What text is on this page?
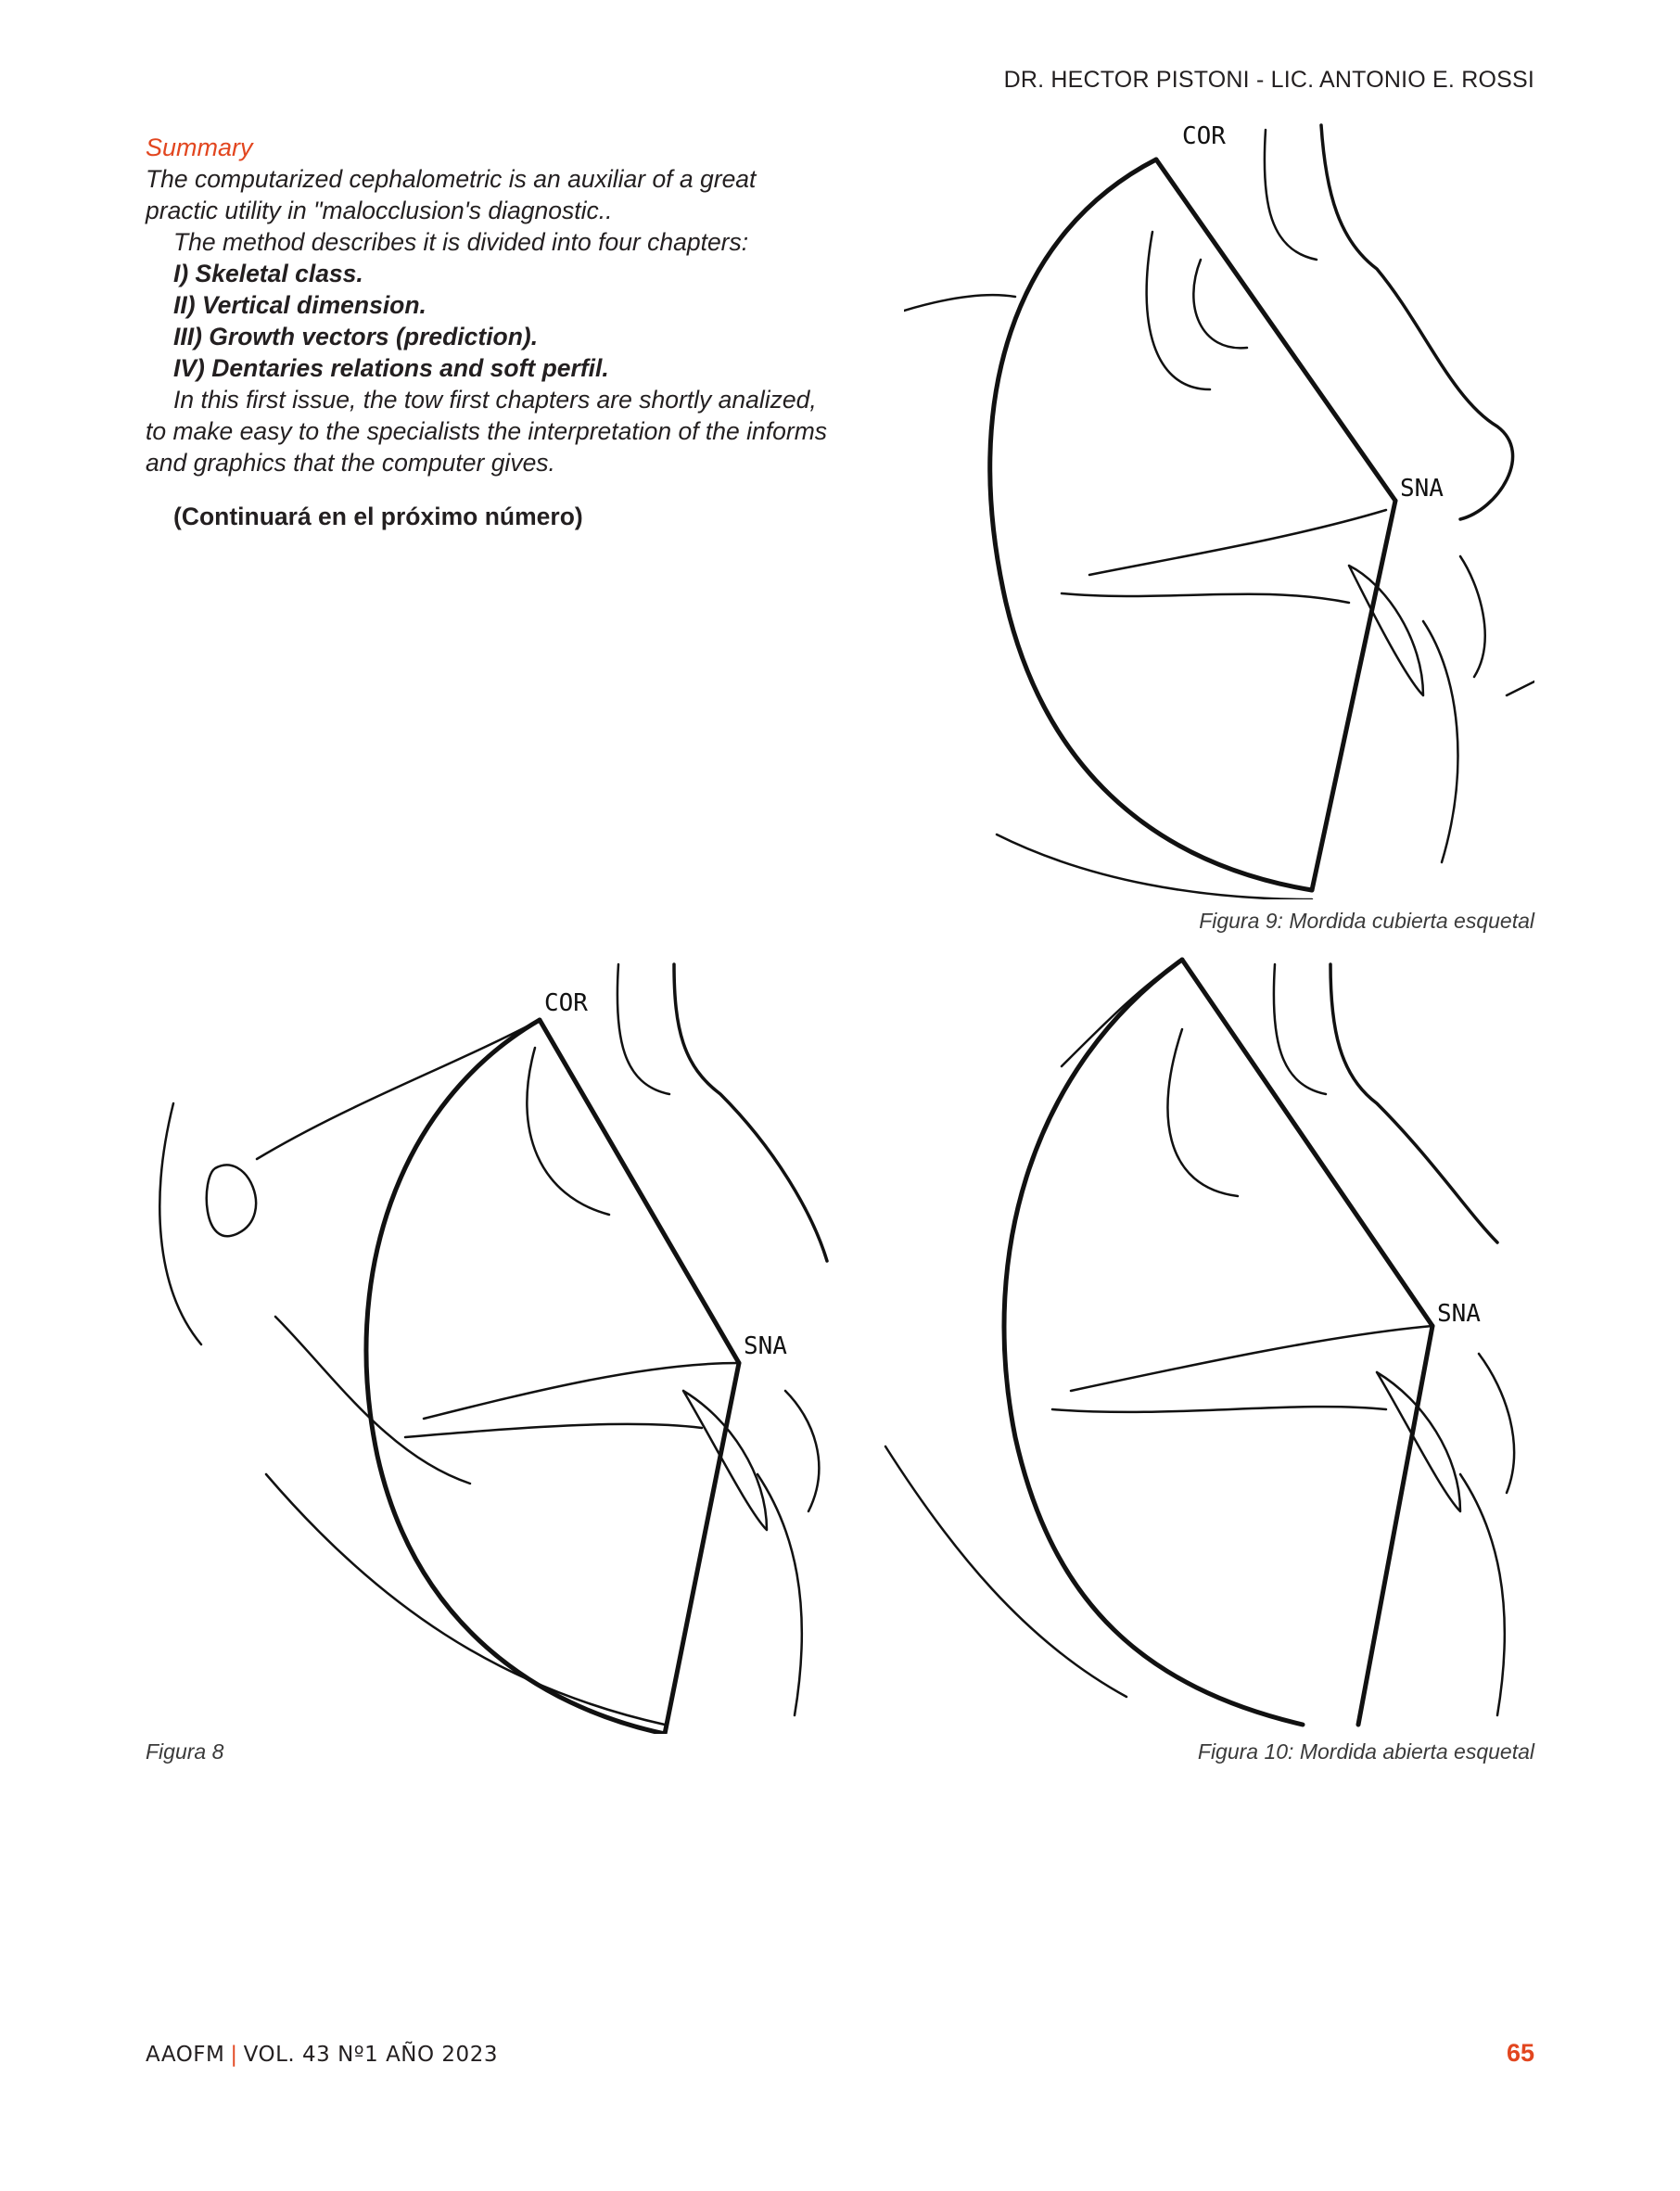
DR. HECTOR PISTONI - LIC. ANTONIO E. ROSSI

Summary

The computarized cephalometric is an auxiliar of a great practic utility in "malocclusion's diagnostic..

The method describes it is divided into four chapters:

I) Skeletal class.

II) Vertical dimension.

III) Growth vectors (prediction).

IV) Dentaries relations and soft perfil.

In this first issue, the tow first chapters are shortly analized, to make easy to the specialists the interpretation of the informs and graphics that the computer gives.

(Continuará en el próximo número)
COR
SNA
Figura 9: Mordida cubierta esquetal
COR
SNA
Figura 8
SNA
Figura 10: Mordida abierta esquetal
AAOFM | VOL. 43 Nº1 AÑO 2023	65
